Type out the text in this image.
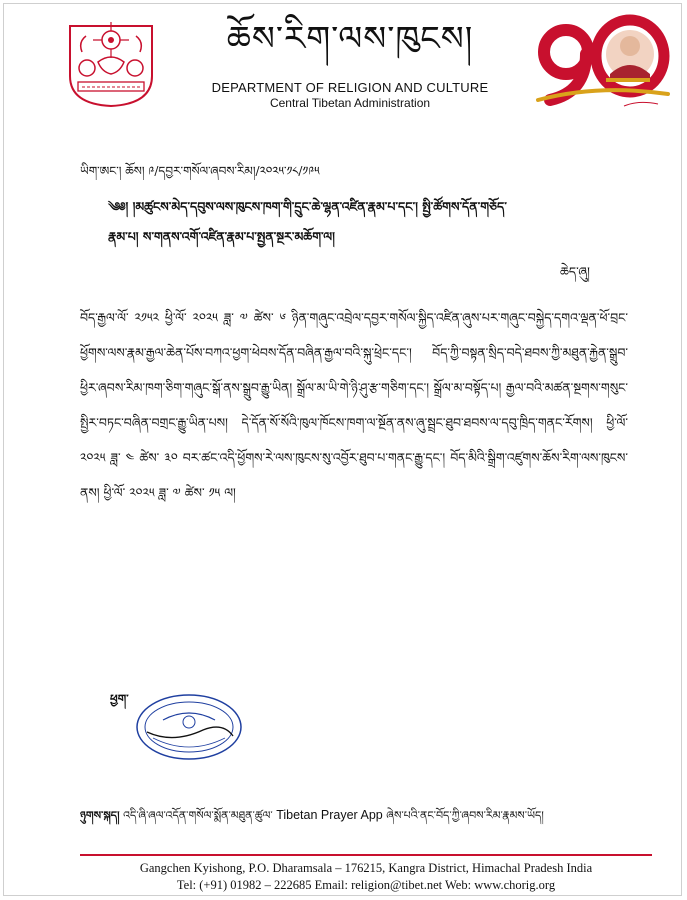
ཆོས་རིག་ལས་ཁུངས།
DEPARTMENT OF RELIGION AND CULTURE
Central Tibetan Administration
ཡིག་ཨང་། ཆོས། ༩/དབྱར་གསོལ་ཞབས་རིམ།/༢༠༢༥་༡༨/༡༩༥
༄༅། །མཚུངས་མེད་དབུས་ལས་ཁུངས་ཁག་གི་དྲུང་ཆེ་ལྷན་འཛིན་རྣམ་པ་དང་། སྤྱི་ཚོགས་དོན་གཅོད་
རྣམ་པ། ས་གནས་འགོ་འཛིན་རྣམ་པ་སྤྱན་སྔར་མཆོག་ལ།
ཆེད་ཞུ།
བོད་རྒྱལ་ལོ་ ༢༡༥༢ ཕྱི་ལོ་ ༢༠༢༥ ཟླ་ ༧ ཚེས་ ༦ ཉིན་གཞུང་འབྲེལ་དབྱར་གསོལ་སྐྱིད་འཛིན་ཞུས་པར་གཞུང་བསྐྱེད་དགའ་ལྡན་ཕོ་བྲང་ཕྱོགས་ལས་རྣམ་རྒྱལ་ཆེན་པོས་བཀའ་ཕྱག་ཕེབས་དོན་བཞིན་རྒྱལ་བའི་སྐུ་ཕྲེང་དང་། བོད་ཀྱི་བསྟན་སྲིད་བདེ་ཐབས་ཀྱི་མཐུན་རྐྱེན་སྒྲུབ་ཕྱིར་ཞབས་རིམ་ཁག་ཅིག་གཞུང་སྒོ་ནས་སྒྲུབ་རྒྱུ་ཡིན། སྒྲོལ་མ་ཡི་གེ་ཉི་ཤུ་རྩ་གཅིག་དང་། སྒྲོལ་མ་བསྟོད་པ། རྒྱལ་བའི་མཚན་སྔགས་གསུང་སྤྱིར་བཏང་བཞིན་བགྲང་རྒྱུ་ཡིན་པས། དེ་དོན་སོ་སོའི་ཁུལ་ཁོངས་ཁག་ལ་སྔོན་ནས་ཞུ་སྦྲང་ཐུབ་ཐབས་ལ་དབུ་ཁྲིད་གནང་རོགས། ཕྱི་ལོ་ ༢༠༢༥ ཟླ་ ༤ ཚེས་ ༣༠ བར་ཚང་འདི་ཕྱོགས་རེ་ལས་ཁུངས་སུ་འབྱོར་ཐུབ་པ་གནང་རྒྱུ་དང་། བོད་མིའི་སྒྲིག་འཛུགས་ཆོས་རིག་ལས་ཁུངས་ནས། ཕྱི་ལོ་ ༢༠༢༥ ཟླ་ ༧ ཚེས་ ༡༥ ལ།
ཕྱག་
ཉུགས་སྐད། འདི་ཞི་ཞལ་འདོན་གསོལ་སྨོན་མཐུན་ཚུལ་ Tibetan Prayer App ཞེས་པའི་ནང་བོད་ཀྱི་ཞབས་རིམ་རྣམས་ཡོད།
Gangchen Kyishong, P.O. Dharamsala – 176215, Kangra District, Himachal Pradesh India
Tel: (+91) 01982 – 222685 Email: religion@tibet.net Web: www.chorig.org
